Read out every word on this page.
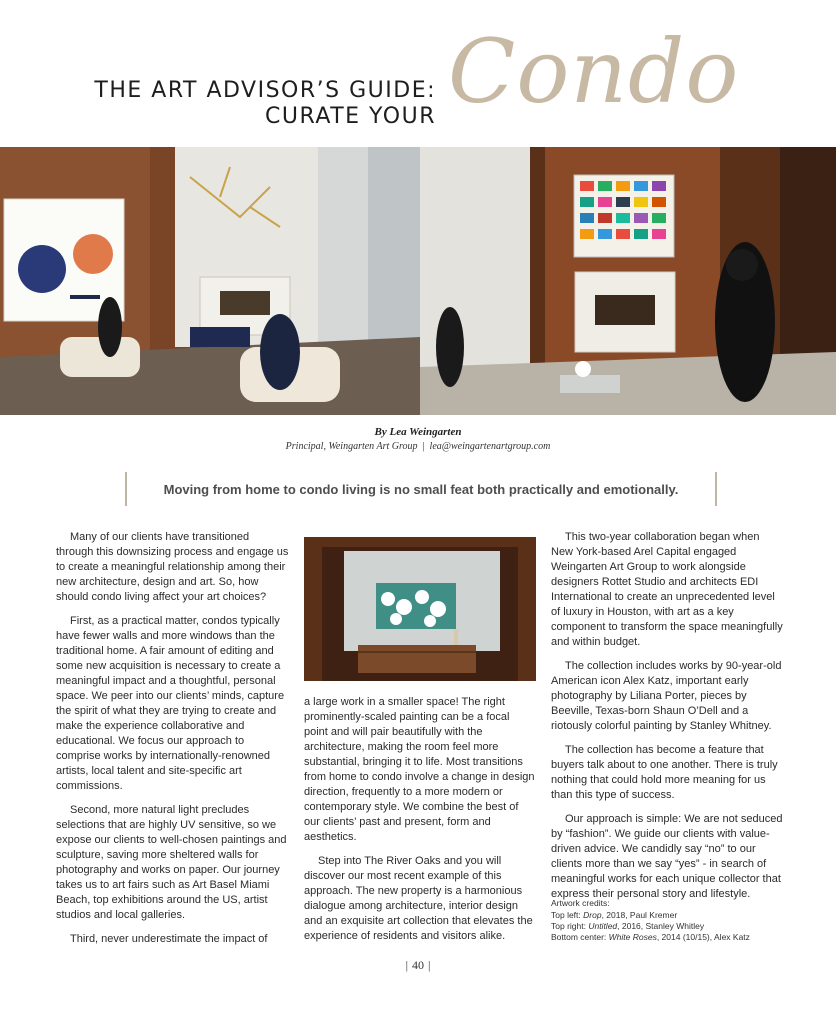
THE ART ADVISOR’S GUIDE:
CURATE YOUR Condo
By Lea Weingarten
Principal, Weingarten Art Group | lea@weingartenartgroup.com
Moving from home to condo living is no small feat both practically and emotionally.

Many of our clients have transitioned through this downsizing process and engage us to create a meaningful relationship among their new architecture, design and art. So, how should condo living affect your art choices?

First, as a practical matter, condos typically have fewer walls and more windows than the traditional home. A fair amount of editing and some new acquisition is necessary to create a meaningful impact and a thoughtful, personal space. We peer into our clients’ minds, capture the spirit of what they are trying to create and make the experience collaborative and educational. We focus our approach to comprise works by internationally-renowned artists, local talent and site-specific art commissions.

Second, more natural light precludes selections that are highly UV sensitive, so we expose our clients to well-chosen paintings and sculpture, saving more sheltered walls for photography and works on paper. Our journey takes us to art fairs such as Art Basel Miami Beach, top exhibitions around the US, artist studios and local galleries.

Third, never underestimate the impact of

a large work in a smaller space! The right prominently-scaled painting can be a focal point and will pair beautifully with the architecture, making the room feel more substantial, bringing it to life. Most transitions from home to condo involve a change in design direction, frequently to a more modern or contemporary style. We combine the best of our clients’ past and present, form and aesthetics.

Step into The River Oaks and you will discover our most recent example of this approach. The new property is a harmonious dialogue among architecture, interior design and an exquisite art collection that elevates the experience of residents and visitors alike.

This two-year collaboration began when New York-based Arel Capital engaged Weingarten Art Group to work alongside designers Rottet Studio and architects EDI International to create an unprecedented level of luxury in Houston, with art as a key component to transform the space meaningfully and within budget.

The collection includes works by 90-year-old American icon Alex Katz, important early photography by Liliana Porter, pieces by Beeville, Texas-born Shaun O’Dell and a riotously colorful painting by Stanley Whitney.

The collection has become a feature that buyers talk about to one another. There is truly nothing that could hold more meaning for us than this type of success.

Our approach is simple: We are not seduced by “fashion”. We guide our clients with value-driven advice. We candidly say “no” to our clients more than we say “yes” - in search of meaningful works for each unique collector that express their personal story and lifestyle.

Artwork credits:
Top left: Drop, 2018, Paul Kremer
Top right: Untitled, 2016, Stanley Whitley
Bottom center: White Roses, 2014 (10/15), Alex Katz
| 40 |
